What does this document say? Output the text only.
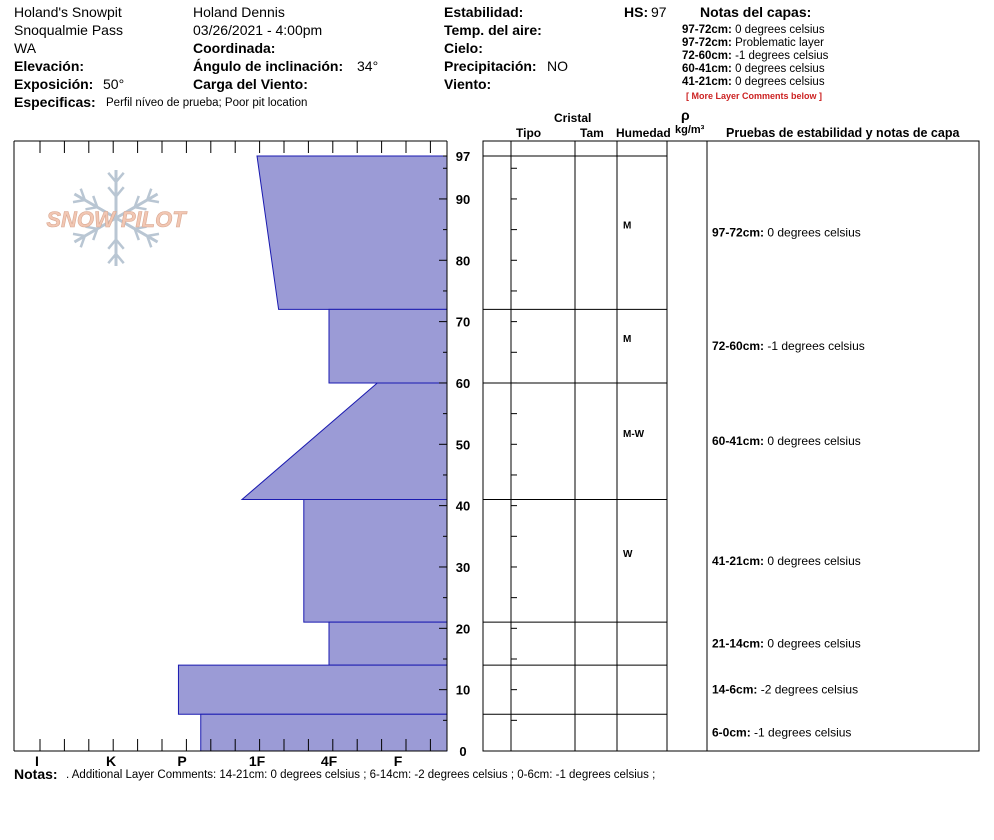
Holand's Snowpit
Snoqualmie Pass
WA
Elevación:
Exposición: 50°
Especificas: Perfil níveo de prueba; Poor pit location
Holand Dennis
03/26/2021 - 4:00pm
Coordinada:
Ángulo de inclinación: 34°
Carga del Viento:
Estabilidad:
Temp. del aire:
Cielo:
Precipitación: NO
Viento:
HS: 97 Notas del capas:
97-72cm: 0 degrees celsius
97-72cm: Problematic layer
72-60cm: -1 degrees celsius
60-41cm: 0 degrees celsius
41-21cm: 0 degrees celsius
[ More Layer Comments below ]
Cristal
Tipo	Tam Humedad
ρ
kg/m³ Pruebas de estabilidad y notas de capa
SNOW PILOT
I	K	P	1F	4F	F
97
90
80
70
60
50
40
30
20
10
0
M	97-72cm: 0 degrees celsius
M	72-60cm: -1 degrees celsius
M-W	60-41cm: 0 degrees celsius
W	41-21cm: 0 degrees celsius
21-14cm: 0 degrees celsius
14-6cm: -2 degrees celsius
6-0cm: -1 degrees celsius
Notas: . Additional Layer Comments: 14-21cm: 0 degrees celsius ; 6-14cm: -2 degrees celsius ; 0-6cm: -1 degrees celsius ;
